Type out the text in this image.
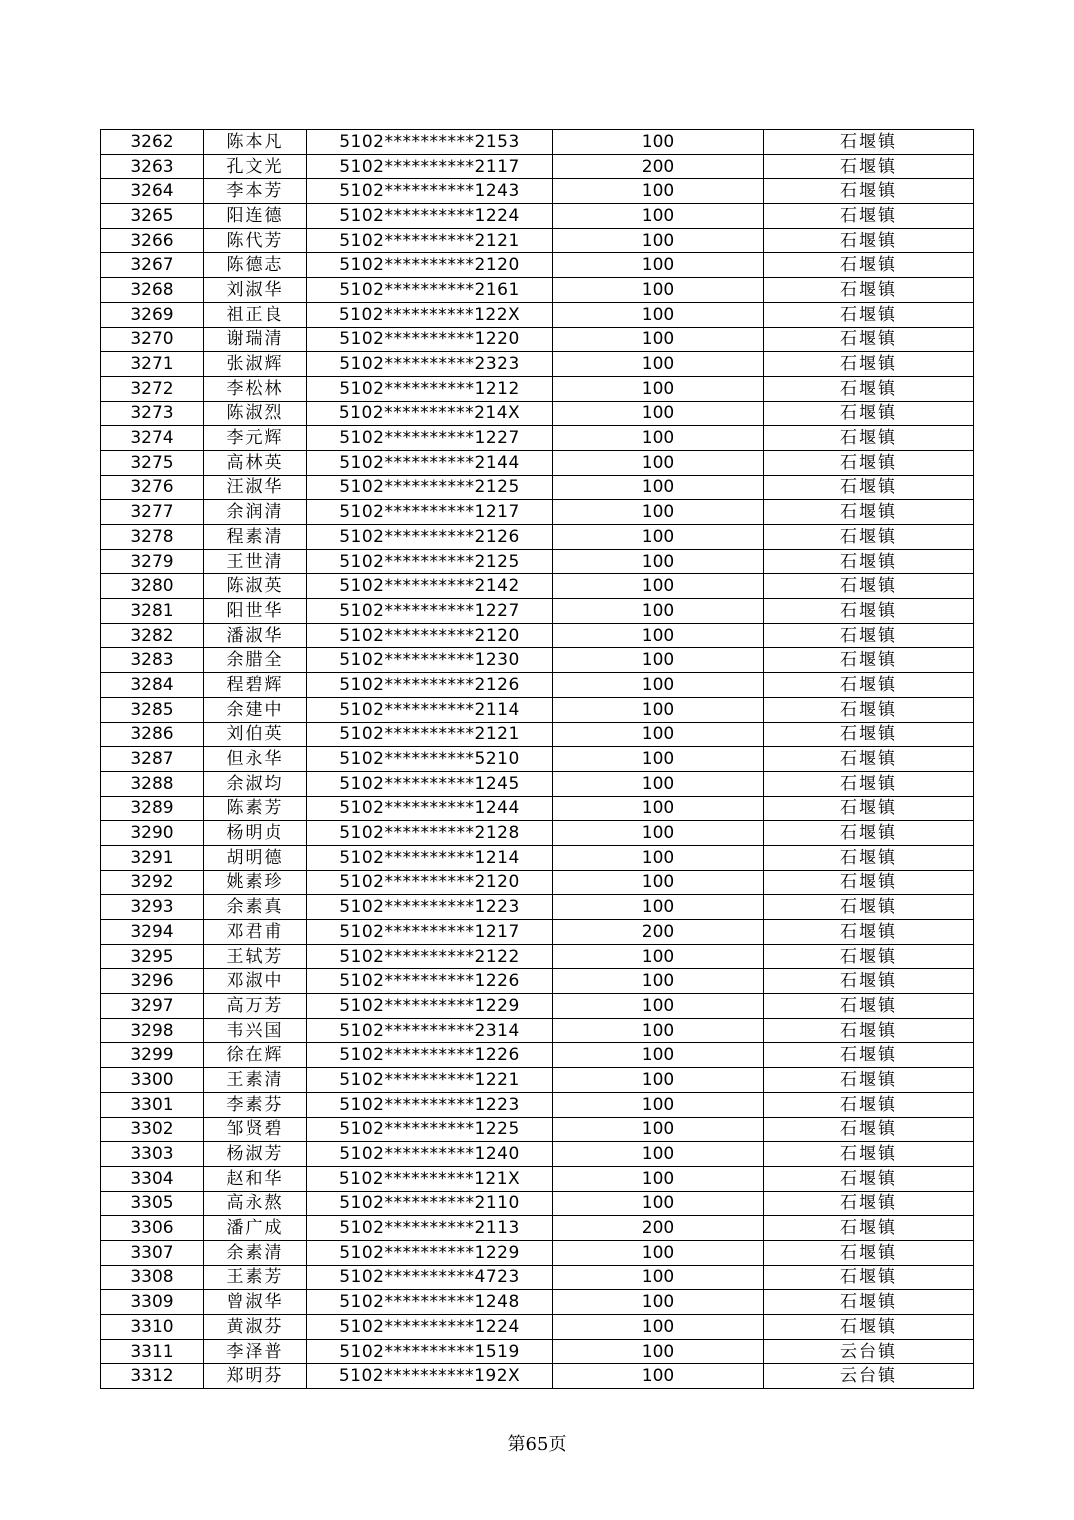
3262	陈本凡	5102**********2153	100	石堰镇
3263	孔文光	5102**********2117	200	石堰镇
3264	李本芳	5102**********1243	100	石堰镇
3265	阳连德	5102**********1224	100	石堰镇
3266	陈代芳	5102**********2121	100	石堰镇
3267	陈德志	5102**********2120	100	石堰镇
3268	刘淑华	5102**********2161	100	石堰镇
3269	祖正良	5102**********122X	100	石堰镇
3270	谢瑞清	5102**********1220	100	石堰镇
3271	张淑辉	5102**********2323	100	石堰镇
3272	李松林	5102**********1212	100	石堰镇
3273	陈淑烈	5102**********214X	100	石堰镇
3274	李元辉	5102**********1227	100	石堰镇
3275	高林英	5102**********2144	100	石堰镇
3276	汪淑华	5102**********2125	100	石堰镇
3277	余润清	5102**********1217	100	石堰镇
3278	程素清	5102**********2126	100	石堰镇
3279	王世清	5102**********2125	100	石堰镇
3280	陈淑英	5102**********2142	100	石堰镇
3281	阳世华	5102**********1227	100	石堰镇
3282	潘淑华	5102**********2120	100	石堰镇
3283	余腊全	5102**********1230	100	石堰镇
3284	程碧辉	5102**********2126	100	石堰镇
3285	余建中	5102**********2114	100	石堰镇
3286	刘伯英	5102**********2121	100	石堰镇
3287	但永华	5102**********5210	100	石堰镇
3288	余淑均	5102**********1245	100	石堰镇
3289	陈素芳	5102**********1244	100	石堰镇
3290	杨明贞	5102**********2128	100	石堰镇
3291	胡明德	5102**********1214	100	石堰镇
3292	姚素珍	5102**********2120	100	石堰镇
3293	余素真	5102**********1223	100	石堰镇
3294	邓君甫	5102**********1217	200	石堰镇
3295	王轼芳	5102**********2122	100	石堰镇
3296	邓淑中	5102**********1226	100	石堰镇
3297	高万芳	5102**********1229	100	石堰镇
3298	韦兴国	5102**********2314	100	石堰镇
3299	徐在辉	5102**********1226	100	石堰镇
3300	王素清	5102**********1221	100	石堰镇
3301	李素芬	5102**********1223	100	石堰镇
3302	邹贤碧	5102**********1225	100	石堰镇
3303	杨淑芳	5102**********1240	100	石堰镇
3304	赵和华	5102**********121X	100	石堰镇
3305	高永熬	5102**********2110	100	石堰镇
3306	潘广成	5102**********2113	200	石堰镇
3307	余素清	5102**********1229	100	石堰镇
3308	王素芳	5102**********4723	100	石堰镇
3309	曾淑华	5102**********1248	100	石堰镇
3310	黄淑芬	5102**********1224	100	石堰镇
3311	李泽普	5102**********1519	100	云台镇
3312	郑明芬	5102**********192X	100	云台镇
第65页
